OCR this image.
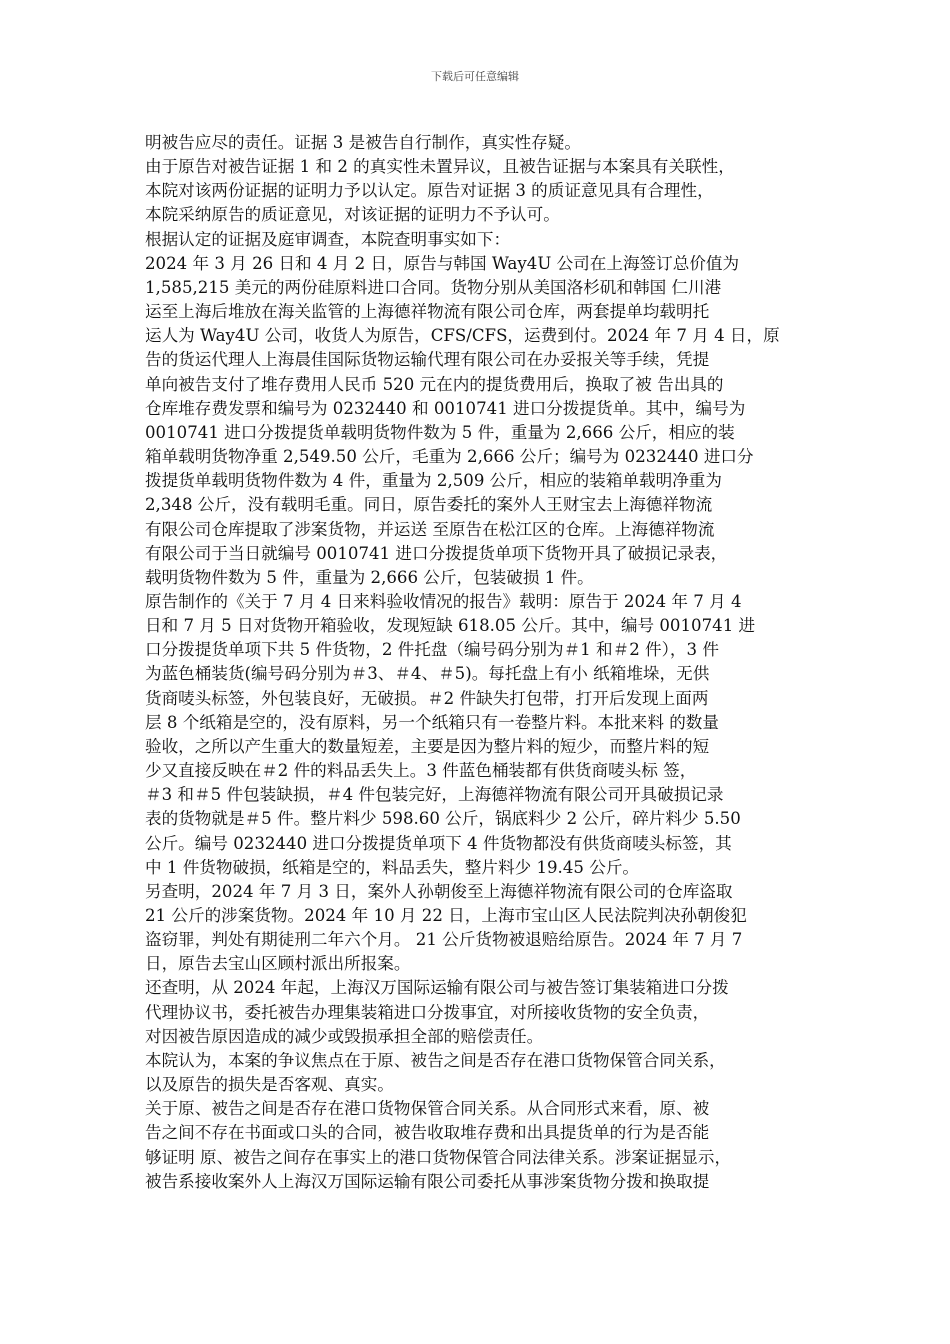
下载后可任意编辑
明被告应尽的责任。证据 3 是被告自行制作，真实性存疑。
由于原告对被告证据 1 和 2 的真实性未置异议，且被告证据与本案具有关联性，
本院对该两份证据的证明力予以认定。原告对证据 3 的质证意见具有合理性，
本院采纳原告的质证意见，对该证据的证明力不予认可。
根据认定的证据及庭审调查，本院查明事实如下：
2024 年 3 月 26 日和 4 月 2 日，原告与韩国 Way4U 公司在上海签订总价值为
1,585,215 美元的两份硅原料进口合同。货物分别从美国洛杉矶和韩国 仁川港
运至上海后堆放在海关监管的上海德祥物流有限公司仓库，两套提单均载明托
运人为 Way4U 公司，收货人为原告，CFS/CFS，运费到付。2024 年 7 月 4 日，原
告的货运代理人上海晨佳国际货物运输代理有限公司在办妥报关等手续，凭提
单向被告支付了堆存费用人民币 520 元在内的提货费用后，换取了被 告出具的
仓库堆存费发票和编号为 0232440 和 0010741 进口分拨提货单。其中，编号为
0010741 进口分拨提货单载明货物件数为 5 件，重量为 2,666 公斤，相应的装
箱单载明货物净重 2,549.50 公斤，毛重为 2,666 公斤；编号为 0232440 进口分
拨提货单载明货物件数为 4 件，重量为 2,509 公斤，相应的装箱单载明净重为
2,348 公斤，没有载明毛重。同日，原告委托的案外人王财宝去上海德祥物流
有限公司仓库提取了涉案货物，并运送 至原告在松江区的仓库。上海德祥物流
有限公司于当日就编号 0010741 进口分拨提货单项下货物开具了破损记录表，
载明货物件数为 5 件，重量为 2,666 公斤，包装破损 1 件。
原告制作的《关于 7 月 4 日来料验收情况的报告》载明：原告于 2024 年 7 月 4
日和 7 月 5 日对货物开箱验收，发现短缺 618.05 公斤。其中，编号 0010741 进
口分拨提货单项下共 5 件货物，2 件托盘（编号码分别为＃1 和＃2 件），3 件
为蓝色桶装货(编号码分别为＃3、＃4、＃5)。每托盘上有小 纸箱堆垛，无供
货商唛头标签，外包装良好，无破损。＃2 件缺失打包带，打开后发现上面两
层 8 个纸箱是空的，没有原料，另一个纸箱只有一卷整片料。本批来料 的数量
验收，之所以产生重大的数量短差，主要是因为整片料的短少，而整片料的短
少又直接反映在＃2 件的料品丢失上。3 件蓝色桶装都有供货商唛头标 签，
＃3 和＃5 件包装缺损，＃4 件包装完好，上海德祥物流有限公司开具破损记录
表的货物就是＃5 件。整片料少 598.60 公斤，锅底料少 2 公斤，碎片料少 5.50
公斤。编号 0232440 进口分拨提货单项下 4 件货物都没有供货商唛头标签，其
中 1 件货物破损，纸箱是空的，料品丢失，整片料少 19.45 公斤。
另查明，2024 年 7 月 3 日，案外人孙朝俊至上海德祥物流有限公司的仓库盗取
21 公斤的涉案货物。2024 年 10 月 22 日，上海市宝山区人民法院判决孙朝俊犯
盗窃罪，判处有期徒刑二年六个月。 21 公斤货物被退赔给原告。2024 年 7 月 7
日，原告去宝山区顾村派出所报案。
还查明，从 2024 年起，上海汉万国际运输有限公司与被告签订集装箱进口分拨
代理协议书，委托被告办理集装箱进口分拨事宜，对所接收货物的安全负责，
对因被告原因造成的减少或毁损承担全部的赔偿责任。
本院认为，本案的争议焦点在于原、被告之间是否存在港口货物保管合同关系，
以及原告的损失是否客观、真实。
关于原、被告之间是否存在港口货物保管合同关系。从合同形式来看，原、被
告之间不存在书面或口头的合同，被告收取堆存费和出具提货单的行为是否能
够证明 原、被告之间存在事实上的港口货物保管合同法律关系。涉案证据显示，
被告系接收案外人上海汉万国际运输有限公司委托从事涉案货物分拨和换取提
